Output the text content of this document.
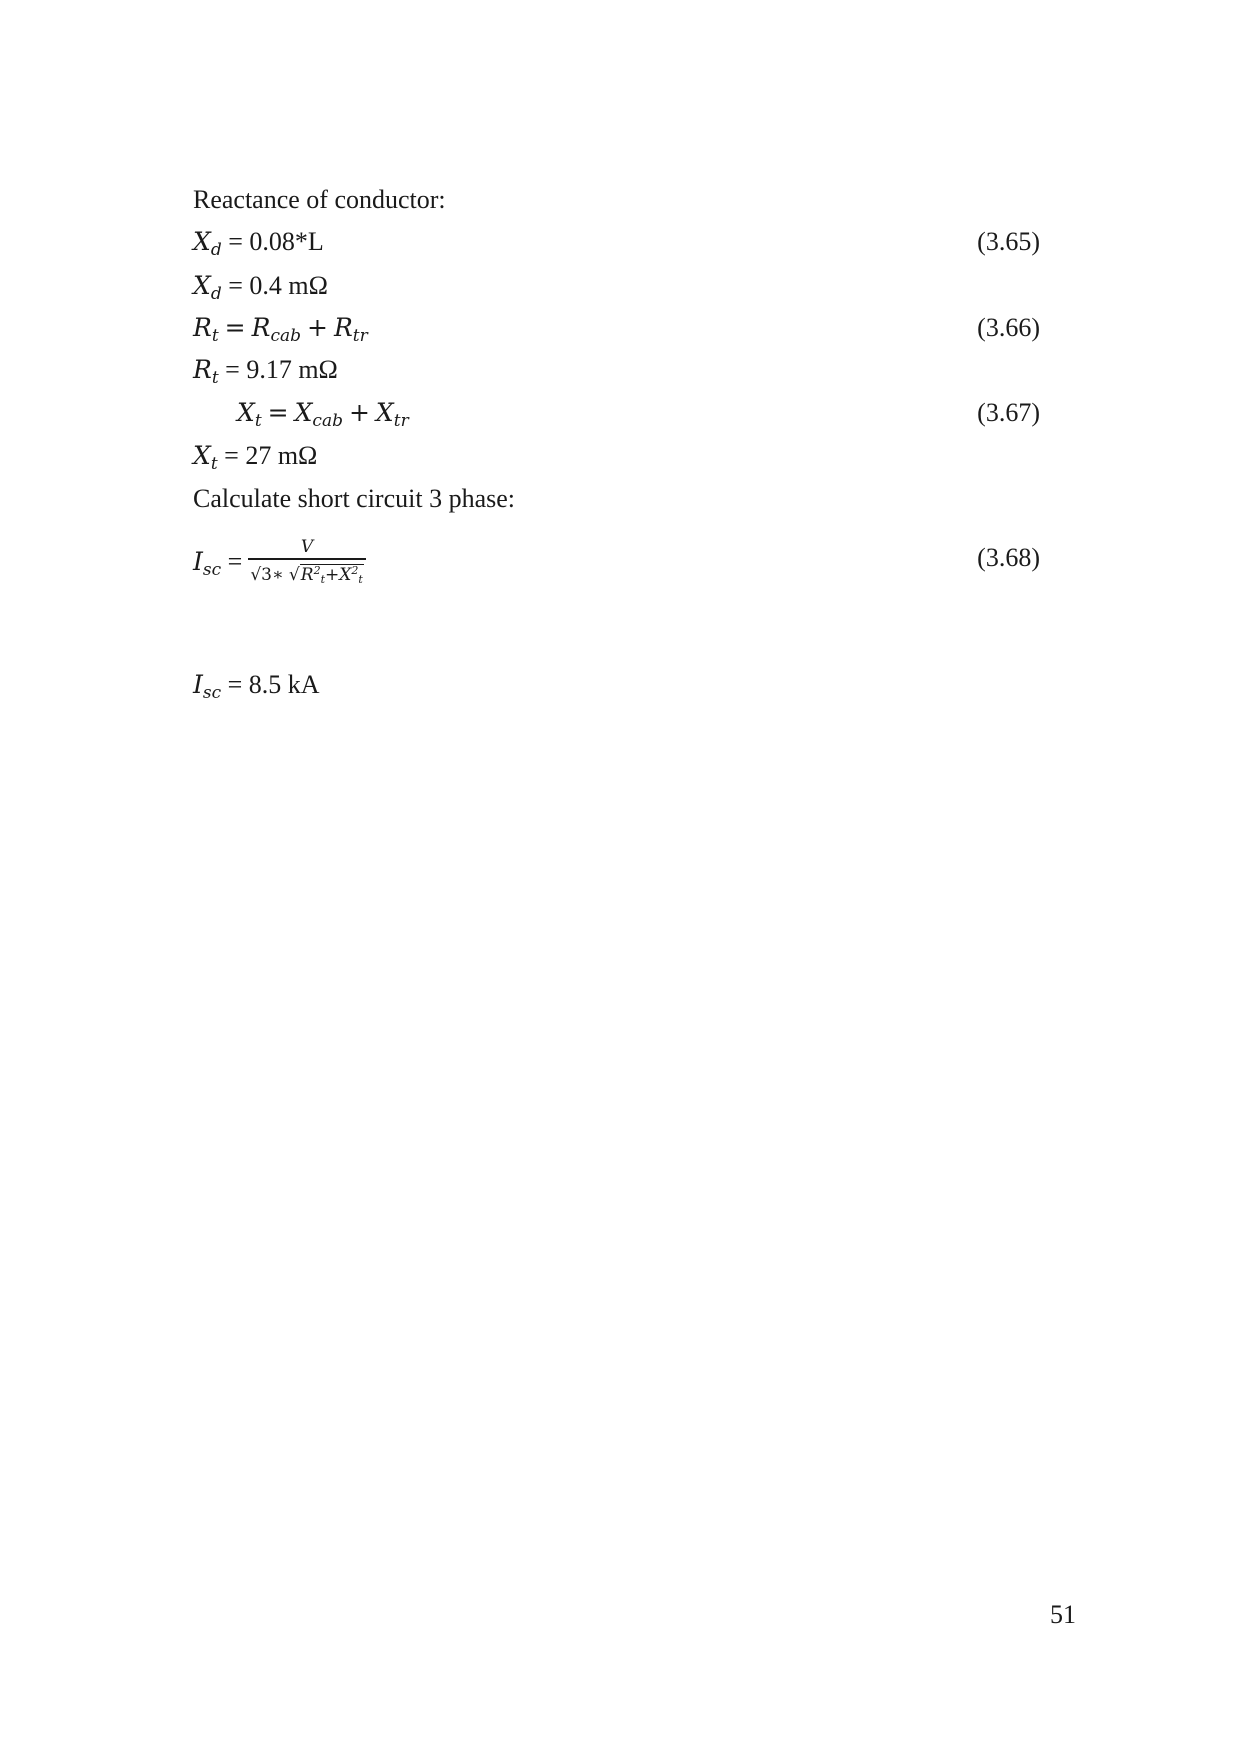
Reactance of conductor:
$X_d = 0.08*L$	(3.65)
$X_d = 0.4$ mΩ
$R_t = R_{cab} + R_{tr}$	(3.66)
$R_t = 9.17$ mΩ
$X_t = X_{cab} + X_{tr}$	(3.67)
$X_t = 27$ mΩ
Calculate short circuit 3 phase:
$I_{sc} = \frac{V}{√3∗ √R^2_t+X^2_t}$	(3.68)
$I_{sc} = 8.5$ kA
51
